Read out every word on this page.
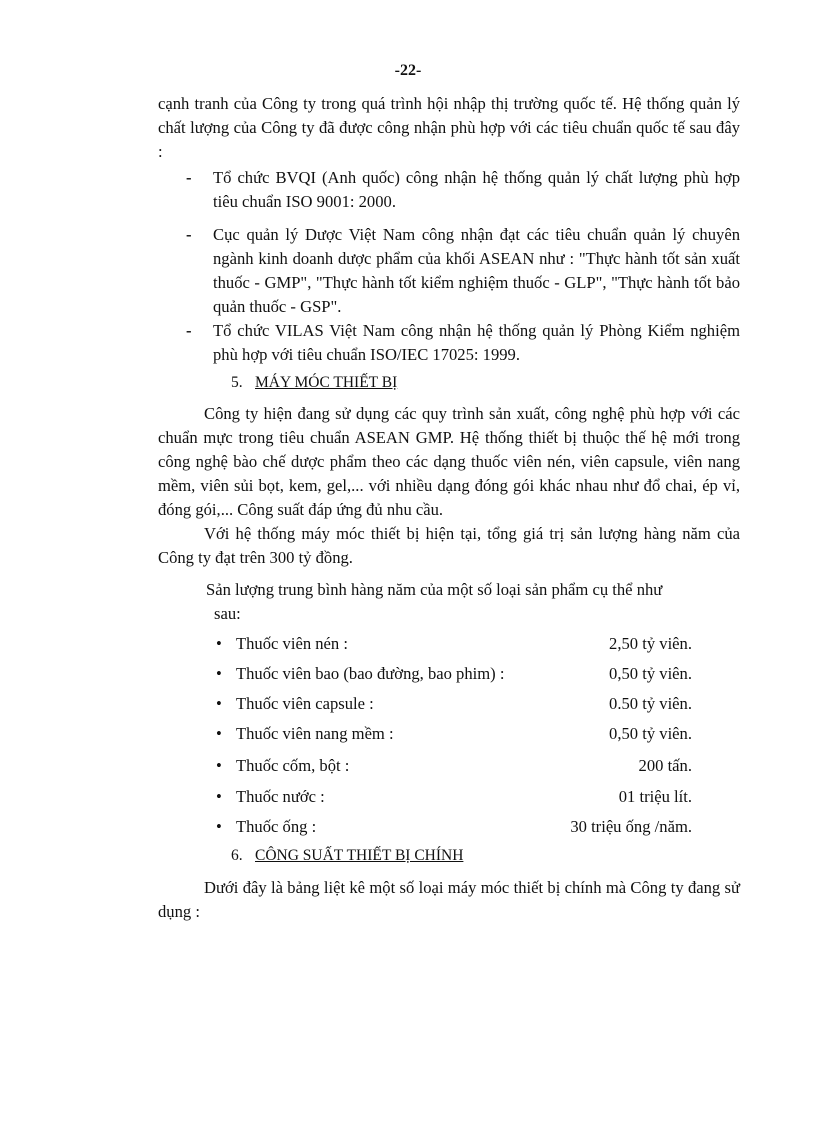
-22-

cạnh tranh của Công ty trong quá trình hội nhập thị trường quốc tế. Hệ thống quản lý chất lượng của Công ty đã được công nhận phù hợp với các tiêu chuẩn quốc tế sau đây :

- Tổ chức BVQI (Anh quốc) công nhận hệ thống quản lý chất lượng phù hợp tiêu chuẩn ISO 9001: 2000.
- Cục quản lý Dược Việt Nam công nhận đạt các tiêu chuẩn quản lý chuyên ngành kinh doanh dược phẩm của khối ASEAN như : "Thực hành tốt sản xuất thuốc - GMP", "Thực hành tốt kiểm nghiệm thuốc - GLP", "Thực hành tốt bảo quản thuốc - GSP".
- Tổ chức VILAS Việt Nam công nhận hệ thống quản lý Phòng Kiểm nghiệm phù hợp với tiêu chuẩn ISO/IEC 17025: 1999.
5. MÁY MÓC THIẾT BỊ

Công ty hiện đang sử dụng các quy trình sản xuất, công nghệ phù hợp với các chuẩn mực trong tiêu chuẩn ASEAN GMP. Hệ thống thiết bị thuộc thế hệ mới trong công nghệ bào chế dược phẩm theo các dạng thuốc viên nén, viên capsule, viên nang mềm, viên sủi bọt, kem, gel,... với nhiều dạng đóng gói khác nhau như đổ chai, ép vỉ, đóng gói,... Công suất đáp ứng đủ nhu cầu.

Với hệ thống máy móc thiết bị hiện tại, tổng giá trị sản lượng hàng năm của Công ty đạt trên 300 tỷ đồng.

Sản lượng trung bình hàng năm của một số loại sản phẩm cụ thể như
sau:
• Thuốc viên nén :	2,50 tỷ viên.
• Thuốc viên bao (bao đường, bao phim) :	0,50 tỷ viên.
• Thuốc viên capsule :	0.50 tỷ viên.
• Thuốc viên nang mềm :	0,50 tỷ viên.
• Thuốc cốm, bột :	200 tấn.
• Thuốc nước :	01 triệu lít.
• Thuốc ống :	30 triệu ống /năm.
6. CÔNG SUẤT THIẾT BỊ CHÍNH

Dưới đây là bảng liệt kê một số loại máy móc thiết bị chính mà Công ty đang sử dụng :
